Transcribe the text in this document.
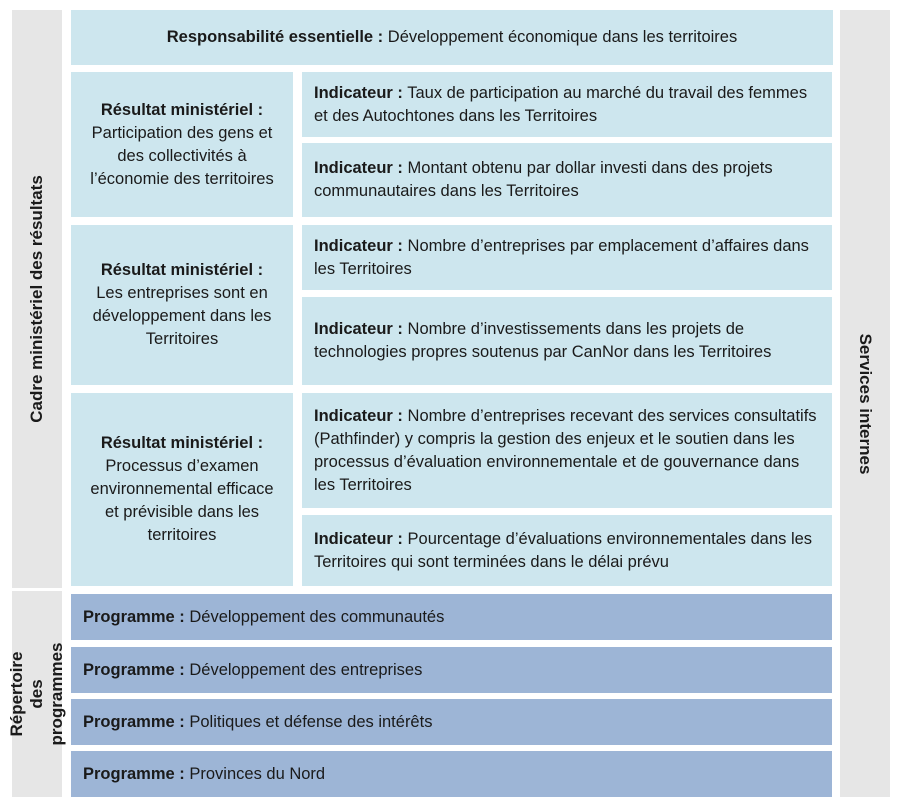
Cadre ministériel des résultats
Répertoire des
programmes
Services internes
Responsabilité essentielle : Développement économique dans les territoires
Résultat ministériel :
Participation des gens et des collectivités à l’économie des territoires
Indicateur : Taux de participation au marché du travail des femmes et des Autochtones dans les Territoires
Indicateur : Montant obtenu par dollar investi dans des projets communautaires dans les Territoires
Résultat ministériel :
Les entreprises sont en développement dans les Territoires
Indicateur : Nombre d’entreprises par emplacement d’affaires dans les Territoires
Indicateur : Nombre d’investissements dans les projets de technologies propres soutenus par CanNor dans les Territoires
Résultat ministériel :
Processus d’examen environnemental efficace et prévisible dans les territoires
Indicateur : Nombre d’entreprises recevant des services consultatifs (Pathfinder) y compris la gestion des enjeux et le soutien dans les processus d’évaluation environnementale et de gouvernance dans les Territoires
Indicateur : Pourcentage d’évaluations environnementales dans les Territoires qui sont terminées dans le délai prévu
Programme : Développement des communautés
Programme : Développement des entreprises
Programme : Politiques et défense des intérêts
Programme : Provinces du Nord
